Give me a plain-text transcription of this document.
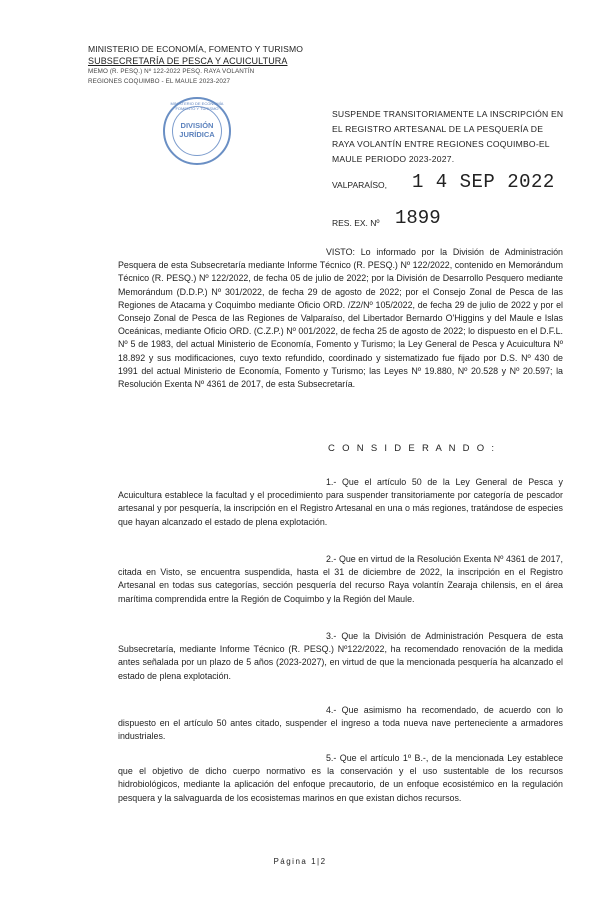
MINISTERIO DE ECONOMÍA, FOMENTO Y TURISMO
SUBSECRETARÍA DE PESCA Y ACUICULTURA
MEMO (R. PESQ.) Nº 122-2022 PESQ. RAYA VOLANTÍN
REGIONES COQUIMBO - EL MAULE 2023-2027
MINISTERIO DE ECONOMÍA FOMENTO Y TURISMO
DIVISIÓN
JURÍDICA
SUSPENDE TRANSITORIAMENTE LA INSCRIPCIÓN EN EL REGISTRO ARTESANAL DE LA PESQUERÍA DE RAYA VOLANTÍN ENTRE REGIONES COQUIMBO-EL MAULE PERIODO 2023-2027.
VALPARAÍSO, 1 4 SEP 2022
RES. EX. Nº 1899
VISTO: Lo informado por la División de Administración Pesquera de esta Subsecretaría mediante Informe Técnico (R. PESQ.) Nº 122/2022, contenido en Memorándum Técnico (R. PESQ.) Nº 122/2022, de fecha 05 de julio de 2022; por la División de Desarrollo Pesquero mediante Memorándum (D.D.P.) Nº 301/2022, de fecha 29 de agosto de 2022; por el Consejo Zonal de Pesca de las Regiones de Atacama y Coquimbo mediante Oficio ORD. /Z2/Nº 105/2022, de fecha 29 de julio de 2022 y por el Consejo Zonal de Pesca de las Regiones de Valparaíso, del Libertador Bernardo O'Higgins y del Maule e Islas Oceánicas, mediante Oficio ORD. (C.Z.P.) Nº 001/2022, de fecha 25 de agosto de 2022; lo dispuesto en el D.F.L. Nº 5 de 1983, del actual Ministerio de Economía, Fomento y Turismo; la Ley General de Pesca y Acuicultura Nº 18.892 y sus modificaciones, cuyo texto refundido, coordinado y sistematizado fue fijado por D.S. Nº 430 de 1991 del actual Ministerio de Economía, Fomento y Turismo; las Leyes Nº 19.880, Nº 20.528 y Nº 20.597; la Resolución Exenta Nº 4361 de 2017, de esta Subsecretaría.
C O N S I D E R A N D O :
1.- Que el artículo 50 de la Ley General de Pesca y Acuicultura establece la facultad y el procedimiento para suspender transitoriamente por categoría de pescador artesanal y por pesquería, la inscripción en el Registro Artesanal en una o más regiones, tratándose de especies que hayan alcanzado el estado de plena explotación.
2.- Que en virtud de la Resolución Exenta Nº 4361 de 2017, citada en Visto, se encuentra suspendida, hasta el 31 de diciembre de 2022, la inscripción en el Registro Artesanal en todas sus categorías, sección pesquería del recurso Raya volantín Zearaja chilensis, en el área marítima comprendida entre la Región de Coquimbo y la Región del Maule.
3.- Que la División de Administración Pesquera de esta Subsecretaría, mediante Informe Técnico (R. PESQ.) Nº122/2022, ha recomendado renovación de la medida antes señalada por un plazo de 5 años (2023-2027), en virtud de que la mencionada pesquería ha alcanzado el estado de plena explotación.
4.- Que asimismo ha recomendado, de acuerdo con lo dispuesto en el artículo 50 antes citado, suspender el ingreso a toda nueva nave perteneciente a armadores industriales.
5.- Que el artículo 1º B.-, de la mencionada Ley establece que el objetivo de dicho cuerpo normativo es la conservación y el uso sustentable de los recursos hidrobiológicos, mediante la aplicación del enfoque precautorio, de un enfoque ecosistémico en la regulación pesquera y la salvaguarda de los ecosistemas marinos en que existan dichos recursos.
Página 1|2
